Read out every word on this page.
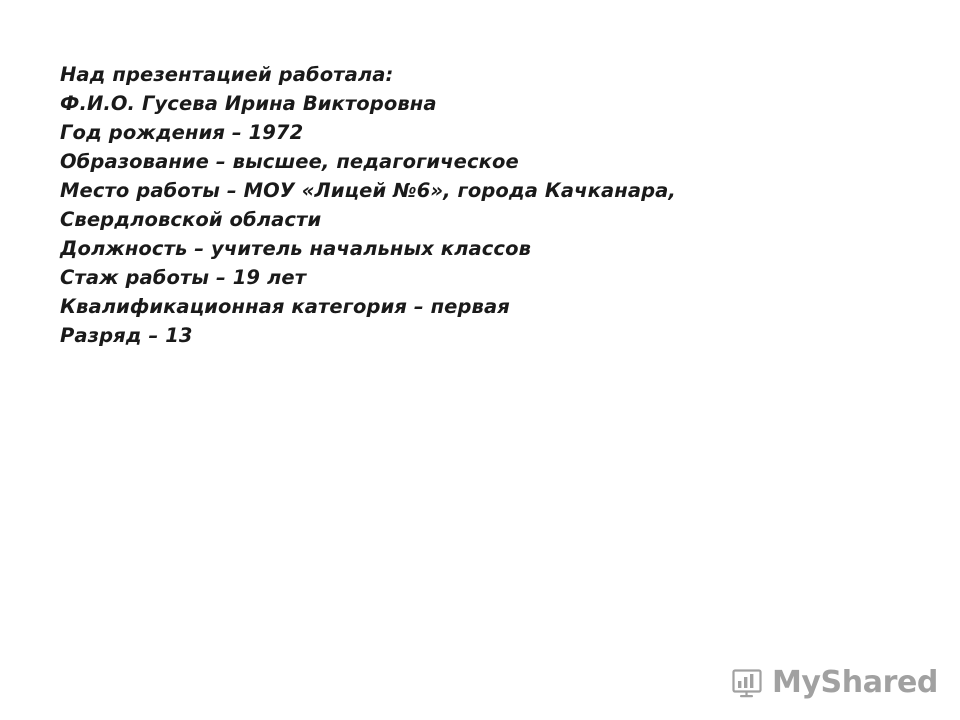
Над презентацией работала:
Ф.И.О. Гусева Ирина Викторовна
Год рождения – 1972
Образование – высшее, педагогическое
Место работы – МОУ «Лицей №6», города Качканара,
Свердловской области
Должность – учитель начальных классов
Стаж работы – 19 лет
Квалификационная категория – первая
Разряд – 13
MyShared
